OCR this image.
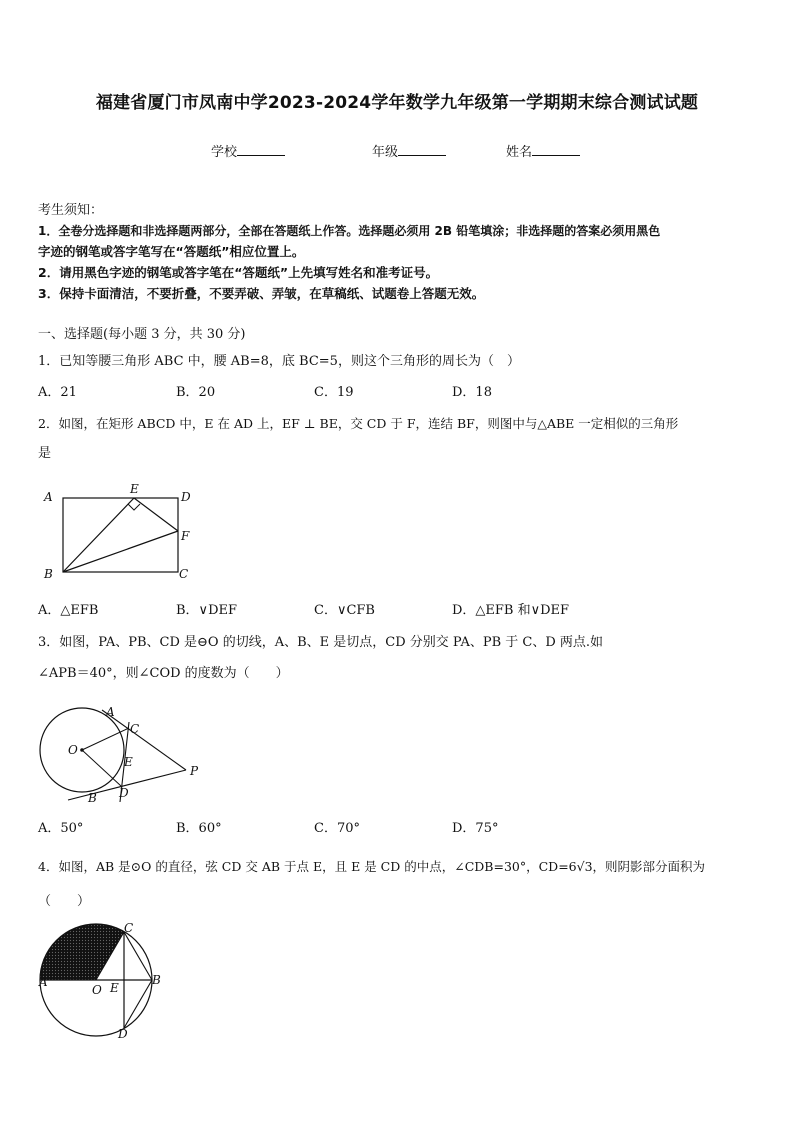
福建省厦门市凤南中学2023-2024学年数学九年级第一学期期末综合测试试题
学校	年级	姓名
考生须知：
1．全卷分选择题和非选择题两部分，全部在答题纸上作答。选择题必须用 2B 铅笔填涂；非选择题的答案必须用黑色
字迹的钢笔或答字笔写在“答题纸”相应位置上。
2．请用黑色字迹的钢笔或答字笔在“答题纸”上先填写姓名和准考证号。
3．保持卡面清洁，不要折叠，不要弄破、弄皱，在草稿纸、试题卷上答题无效。
一、选择题(每小题 3 分，共 30 分)
1．已知等腰三角形 ABC 中，腰 AB=8，底 BC=5，则这个三角形的周长为（　）
A．21	B．20	C．19	D．18
2．如图，在矩形 ABCD 中，E 在 AD 上，EF ⊥ BE，交 CD 于 F，连结 BF，则图中与△ABE 一定相似的三角形
是
A
E
D
F
B	C
A．△EFB	B．∨DEF	C．∨CFB	D．△EFB 和∨DEF
3．如图，PA、PB、CD 是⊖O 的切线，A、B、E 是切点，CD 分别交 PA、PB 于 C、D 两点.如
∠APB＝40°，则∠COD 的度数为（　　）
O
A
C
E
P
D
B
A．50°	B．60°	C．70°	D．75°
4．如图，AB 是⊙O 的直径，弦 CD 交 AB 于点 E，且 E 是 CD 的中点，∠CDB=30°，CD=6√3，则阴影部分面积为
（　　）
A
O E
B
C
D
